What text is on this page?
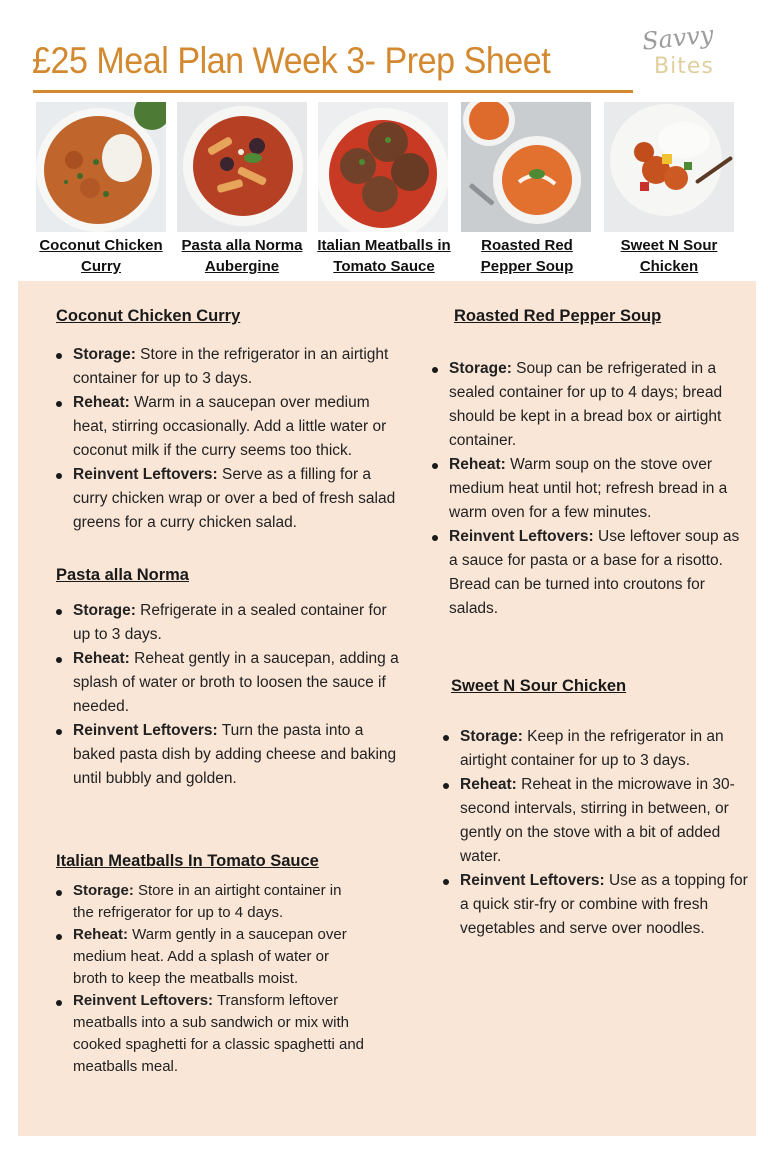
£25 Meal Plan Week 3- Prep Sheet
Savvy
Bites
Coconut Chicken Curry
Pasta alla Norma Aubergine
Italian Meatballs in Tomato Sauce
Roasted Red Pepper Soup
Sweet N Sour Chicken
Coconut Chicken Curry
Storage: Store in the refrigerator in an airtight container for up to 3 days.
Reheat: Warm in a saucepan over medium heat, stirring occasionally. Add a little water or coconut milk if the curry seems too thick.
Reinvent Leftovers: Serve as a filling for a curry chicken wrap or over a bed of fresh salad greens for a curry chicken salad.
Pasta alla Norma
Storage: Refrigerate in a sealed container for up to 3 days.
Reheat: Reheat gently in a saucepan, adding a splash of water or broth to loosen the sauce if needed.
Reinvent Leftovers: Turn the pasta into a baked pasta dish by adding cheese and baking until bubbly and golden.
Italian Meatballs In Tomato Sauce
Storage: Store in an airtight container in the refrigerator for up to 4 days.
Reheat: Warm gently in a saucepan over medium heat. Add a splash of water or broth to keep the meatballs moist.
Reinvent Leftovers: Transform leftover meatballs into a sub sandwich or mix with cooked spaghetti for a classic spaghetti and meatballs meal.
Roasted Red Pepper Soup
Storage: Soup can be refrigerated in a sealed container for up to 4 days; bread should be kept in a bread box or airtight container.
Reheat: Warm soup on the stove over medium heat until hot; refresh bread in a warm oven for a few minutes.
Reinvent Leftovers: Use leftover soup as a sauce for pasta or a base for a risotto. Bread can be turned into croutons for salads.
Sweet N Sour Chicken
Storage: Keep in the refrigerator in an airtight container for up to 3 days.
Reheat: Reheat in the microwave in 30-second intervals, stirring in between, or gently on the stove with a bit of added water.
Reinvent Leftovers: Use as a topping for a quick stir-fry or combine with fresh vegetables and serve over noodles.
